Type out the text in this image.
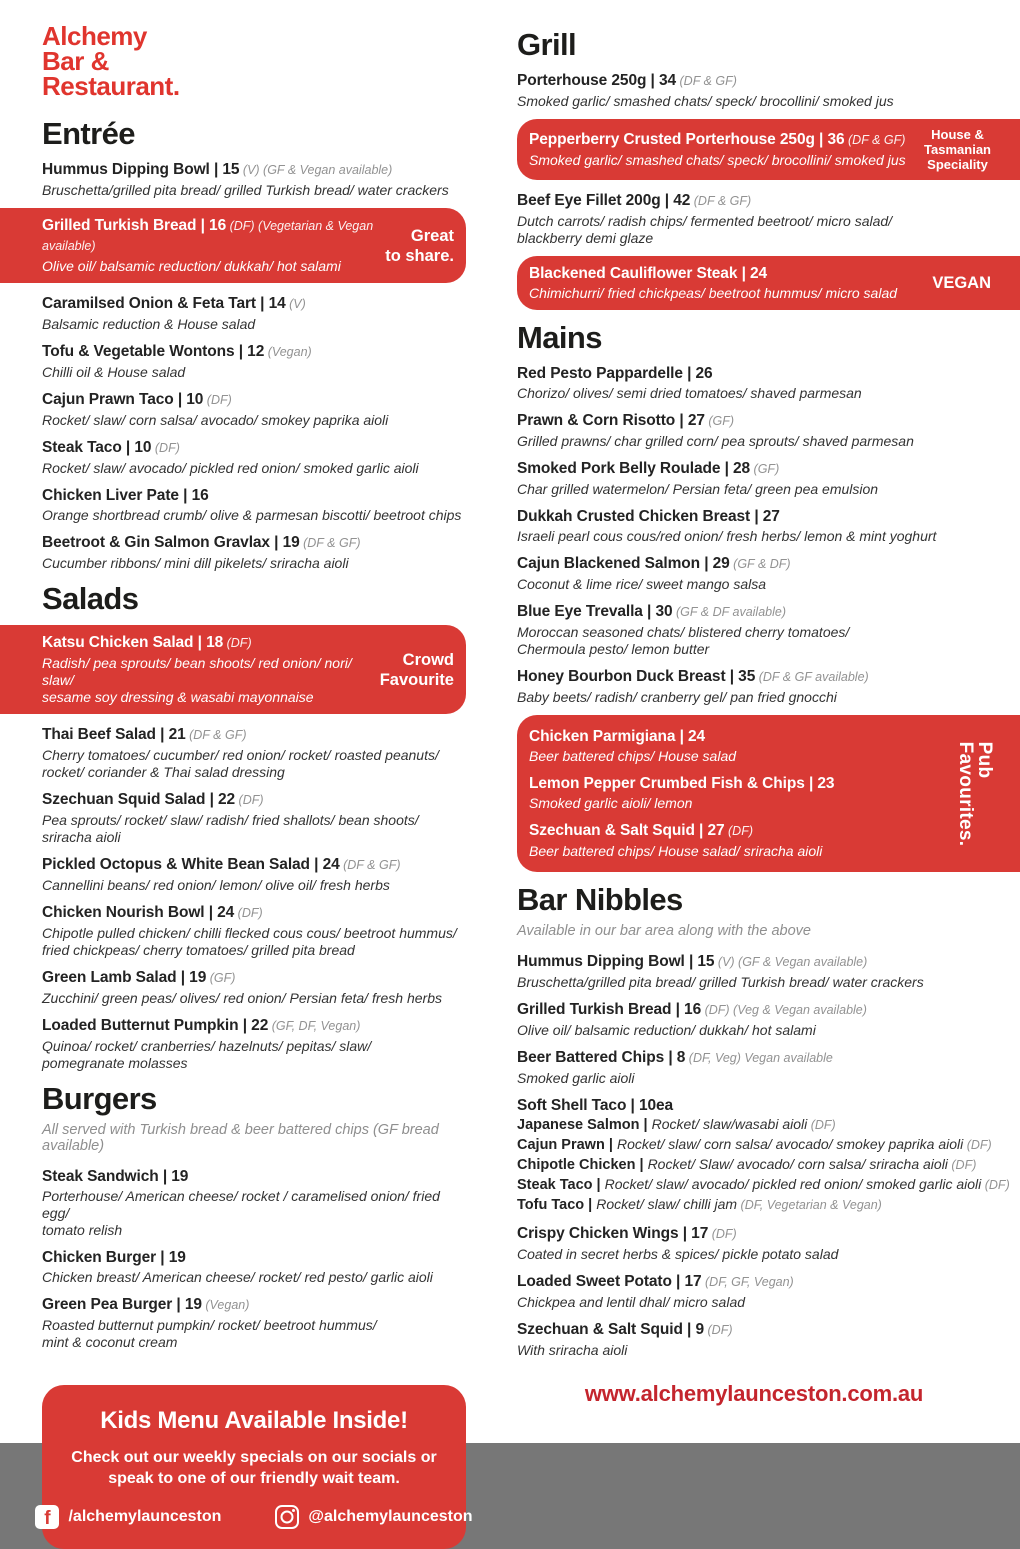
Alchemy
Bar &
Restaurant.
Entrée
Hummus Dipping Bowl | 15 (V) (GF & Vegan available)
Bruschetta/grilled pita bread/ grilled Turkish bread/ water crackers
Grilled Turkish Bread | 16 (DF) (Vegetarian & Vegan available)
Olive oil/ balsamic reduction/ dukkah/ hot salami
Great
to share.
Caramilsed Onion & Feta Tart | 14 (V)
Balsamic reduction & House salad
Tofu & Vegetable Wontons | 12 (Vegan)
Chilli oil & House salad
Cajun Prawn Taco | 10 (DF)
Rocket/ slaw/ corn salsa/ avocado/ smokey paprika aioli
Steak Taco | 10 (DF)
Rocket/ slaw/ avocado/ pickled red onion/ smoked garlic aioli
Chicken Liver Pate | 16
Orange shortbread crumb/ olive & parmesan biscotti/ beetroot chips
Beetroot & Gin Salmon Gravlax | 19 (DF & GF)
Cucumber ribbons/ mini dill pikelets/ sriracha aioli
Salads
Katsu Chicken Salad | 18 (DF)
Radish/ pea sprouts/ bean shoots/ red onion/ nori/ slaw/
sesame soy dressing & wasabi mayonnaise
Crowd
Favourite
Thai Beef Salad | 21 (DF & GF)
Cherry tomatoes/ cucumber/ red onion/ rocket/ roasted peanuts/
rocket/ coriander & Thai salad dressing
Szechuan Squid Salad | 22 (DF)
Pea sprouts/ rocket/ slaw/ radish/ fried shallots/ bean shoots/
sriracha aioli
Pickled Octopus & White Bean Salad | 24 (DF & GF)
Cannellini beans/ red onion/ lemon/ olive oil/ fresh herbs
Chicken Nourish Bowl | 24 (DF)
Chipotle pulled chicken/ chilli flecked cous cous/ beetroot hummus/
fried chickpeas/ cherry tomatoes/ grilled pita bread
Green Lamb Salad | 19 (GF)
Zucchini/ green peas/ olives/ red onion/ Persian feta/ fresh herbs
Loaded Butternut Pumpkin | 22 (GF, DF, Vegan)
Quinoa/ rocket/ cranberries/ hazelnuts/ pepitas/ slaw/
pomegranate molasses
Burgers
All served with Turkish bread & beer battered chips (GF bread available)
Steak Sandwich | 19
Porterhouse/ American cheese/ rocket / caramelised onion/ fried egg/
tomato relish
Chicken Burger | 19
Chicken breast/ American cheese/ rocket/ red pesto/ garlic aioli
Green Pea Burger | 19 (Vegan)
Roasted butternut pumpkin/ rocket/ beetroot hummus/
mint & coconut cream
Kids Menu Available Inside!
Check out our weekly specials on our socials or
speak to one of our friendly wait team.
f	/alchemylaunceston	@alchemylaunceston
Grill
Porterhouse 250g | 34 (DF & GF)
Smoked garlic/ smashed chats/ speck/ brocollini/ smoked jus
Pepperberry Crusted Porterhouse 250g | 36 (DF & GF)
Smoked garlic/ smashed chats/ speck/ brocollini/ smoked jus
House &
Tasmanian
Speciality
Beef Eye Fillet 200g | 42 (DF & GF)
Dutch carrots/ radish chips/ fermented beetroot/ micro salad/
blackberry demi glaze
Blackened Cauliflower Steak | 24
Chimichurri/ fried chickpeas/ beetroot hummus/ micro salad
VEGAN
Mains
Red Pesto Pappardelle | 26
Chorizo/ olives/ semi dried tomatoes/ shaved parmesan
Prawn & Corn Risotto | 27 (GF)
Grilled prawns/ char grilled corn/ pea sprouts/ shaved parmesan
Smoked Pork Belly Roulade | 28 (GF)
Char grilled watermelon/ Persian feta/ green pea emulsion
Dukkah Crusted Chicken Breast | 27
Israeli pearl cous cous/red onion/ fresh herbs/ lemon & mint yoghurt
Cajun Blackened Salmon | 29 (GF & DF)
Coconut & lime rice/ sweet mango salsa
Blue Eye Trevalla | 30 (GF & DF available)
Moroccan seasoned chats/ blistered cherry tomatoes/
Chermoula pesto/ lemon butter
Honey Bourbon Duck Breast | 35 (DF & GF available)
Baby beets/ radish/ cranberry gel/ pan fried gnocchi
Chicken Parmigiana | 24
Beer battered chips/ House salad
Lemon Pepper Crumbed Fish & Chips | 23
Smoked garlic aioli/ lemon
Szechuan & Salt Squid | 27 (DF)
Beer battered chips/ House salad/ sriracha aioli
Pub
Favourites.
Bar Nibbles
Available in our bar area along with the above
Hummus Dipping Bowl | 15 (V) (GF & Vegan available)
Bruschetta/grilled pita bread/ grilled Turkish bread/ water crackers
Grilled Turkish Bread | 16 (DF) (Veg & Vegan available)
Olive oil/ balsamic reduction/ dukkah/ hot salami
Beer Battered Chips | 8 (DF, Veg) Vegan available
Smoked garlic aioli
Soft Shell Taco | 10ea
Japanese Salmon | Rocket/ slaw/wasabi aioli (DF)
Cajun Prawn | Rocket/ slaw/ corn salsa/ avocado/ smokey paprika aioli (DF)
Chipotle Chicken | Rocket/ Slaw/ avocado/ corn salsa/ sriracha aioli (DF)
Steak Taco | Rocket/ slaw/ avocado/ pickled red onion/ smoked garlic aioli (DF)
Tofu Taco | Rocket/ slaw/ chilli jam (DF, Vegetarian & Vegan)
Crispy Chicken Wings | 17 (DF)
Coated in secret herbs & spices/ pickle potato salad
Loaded Sweet Potato | 17 (DF, GF, Vegan)
Chickpea and lentil dhal/ micro salad
Szechuan & Salt Squid | 9 (DF)
With sriracha aioli
www.alchemylaunceston.com.au
